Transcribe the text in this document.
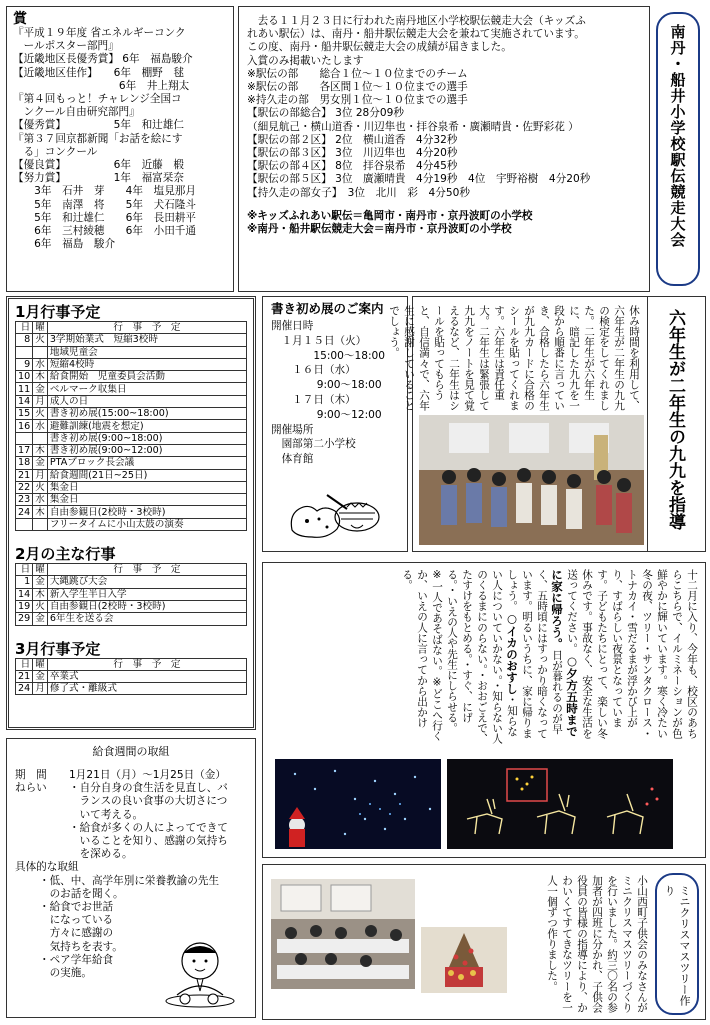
賞
『平成１９年度 省エネルギーコンク
　ールポスター部門』
【近畿地区長優秀賞】 6年　福島駿介
【近畿地区佳作】　　6年　棚野　毬
　　　　　　　　　　6年　井上翔太
『第４回もっと！チャレンジ全国コ
　ンクール自由研究部門』
【優秀賞】　　　　　5年　和辻雄仁
『第３７回京都新聞「お話を絵にす
　る」コンクール
【優良賞】　　　　　6年　近藤　椴
【努力賞】　　　　　1年　福富栞奈
　　3年　石井　芽　　4年　塩見那月
　　5年　南澤　将　　5年　犬石隆斗
　　5年　和辻雄仁　　6年　長田耕平
　　6年　三村綾穂　　6年　小田千通
　　6年　福島　駿介
　去る１１月２３日に行われた南丹地区小学校駅伝競走大会（キッズふ
れあい駅伝）は、南丹・船井駅伝競走大会を兼ねて実施されています。
この度、南丹・船井駅伝競走大会の成績が届きました。
入賞のみ掲載いたします
※駅伝の部　　総合１位～１０位までのチーム
※駅伝の部　　各区間１位～１０位までの選手
※持久走の部　男女別１位～１０位までの選手
【駅伝の部総合】 3位 28分09秒
（細見航己・横山道香・川辺隼也・拝谷泉希・廣瀬晴貴・佐野彩花 ）
【駅伝の部２区】 2位　横山道香　4分32秒
【駅伝の部３区】 3位　川辺隼也　4分20秒
【駅伝の部４区】 8位　拝谷泉希　4分45秒
【駅伝の部５区】 3位　廣瀬晴貴　4分19秒　4位　宇野裕樹　4分20秒
【持久走の部女子】　3位　北川　彩　4分50秒
※キッズふれあい駅伝＝亀岡市・南丹市・京丹波町の小学校
※南丹・船井駅伝競走大会＝南丹市・京丹波町の小学校	南丹・船井小学校駅伝競走大会
1月行事予定
日	曜	行　事　予　定
8	火	3学期始業式　短縮3校時
		地域児童会
9	水	短縮4校時
10	木	給食開始　児童委員会活動
11	金	ベルマーク収集日
14	月	成人の日
15	火	書き初め展(15:00~18:00)
16	水	避難訓練(地震を想定)
		書き初め展(9:00~18:00)
17	木	書き初め展(9:00~12:00)
18	金	PTAブロック長会議
21	月	給食週間(21日~25日)
22	火	集金日
23	水	集金日
24	木	自由参観日(2校時・3校時)
		フリータイムに小山太鼓の演奏
2月の主な行事
日	曜	行　事　予　定
1	金	大縄跳び大会
14	木	新入学生半日入学
19	火	自由参観日(2校時・3校時)
29	金	6年生を送る会
3月行事予定
日	曜	行　事　予　定
21	金	卒業式
24	月	修了式・離級式
書き初め展のご案内
開催日時
　１月１５日（火）
　　　　15:00～18:00
　　１６日（水）
　　　　 9:00～18:00
　　１７日（木）
　　　　 9:00～12:00
開催場所
　園部第二小学校
　体育館
休み時間を利用して、六年生が二年生の九九の検定をしてくれました。二年生が六年生に、暗記した九九を一段から順番に言っていき、合格したら六年生が九九カードに合格のシールを貼ってくれます。六年生は責任重大。二年生は緊張して九九をノートを見て覚えるなど、二年生はシールを貼ってもらうと、自信満々で、六年生に感謝していることでしょう。	六年生が二年生の九九を指導
十二月に入り、今年も、校区のあちらこちらで、イルミネーションが色鮮やかに輝いています。寒く冷たい冬の夜、ツリー・サンタクロース・トナカイ・雪だるまが浮かび上がり、すばらしい夜景となっています。子どもたちにとって、楽しい冬休みです。事故なく、安全な生活を送ってください。○夕方五時までに家に帰ろう。日が暮れるのが早く、五時頃にはすっかり暗くなっています。明るいうちに、家に帰りましょう。○イカのおすし・知らない人についていかない。・知らない人のくるまにのらない。・おおごえで、たすけをもとめる。・すぐ、にげる。・いえの人や先生にしらせる。※一人であそばない。※どこへ行くか、いえの人に言ってから出かける。
給食週間の取組
期　間	1月21日（月）～1月25日（金）
ねらい	・自分自身の食生活を見直し、バ
　ランスの良い食事の大切さにつ
　いて考える。
・給食が多くの人によってできて
　いることを知り、感謝の気持ち
　を深める。
具体的な取組
・低、中、高学年別に栄養教諭の先生
　のお話を聞く。
・給食でお世話
　になっている
　方々に感謝の
　気持ちを表す。
・ペア学年給食
　の実施。	小山西町子供会のみなさんがミニクリスマスツリーづくりを行いました。約三〇名の参加者が四班に分かれ、子供会役員の皆様の指導により、かわいくてすてきなツリーを一人一個ずつ作りました。	ミニクリスマスツリー作り
